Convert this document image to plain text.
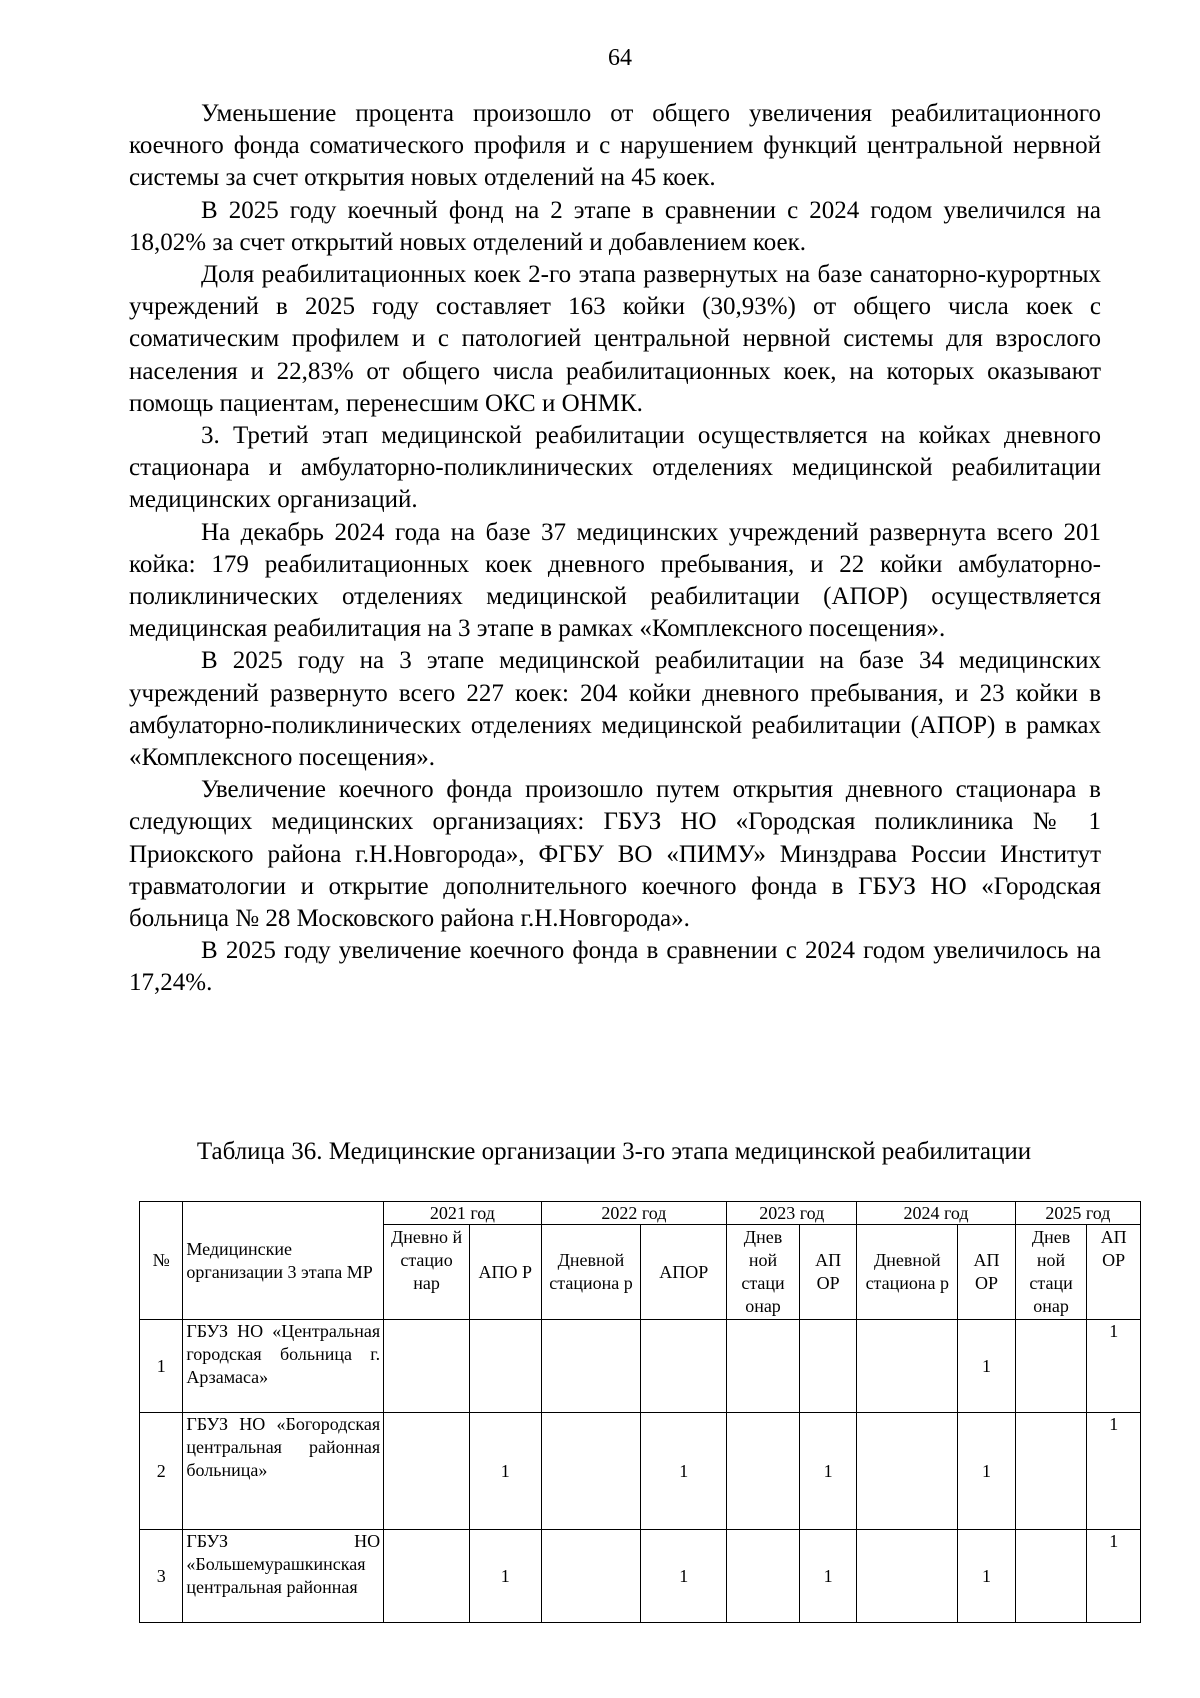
64

Уменьшение процента произошло от общего увеличения реабилитационного коечного фонда соматического профиля и с нарушением функций центральной нервной системы за счет открытия новых отделений на 45 коек.

В 2025 году коечный фонд на 2 этапе в сравнении с 2024 годом увеличился на 18,02% за счет открытий новых отделений и добавлением коек.

Доля реабилитационных коек 2-го этапа развернутых на базе санаторно-курортных учреждений в 2025 году составляет 163 койки (30,93%) от общего числа коек с соматическим профилем и с патологией центральной нервной системы для взрослого населения и 22,83% от общего числа реабилитационных коек, на которых оказывают помощь пациентам, перенесшим ОКС и ОНМК.

3. Третий этап медицинской реабилитации осуществляется на койках дневного стационара и амбулаторно-поликлинических отделениях медицинской реабилитации медицинских организаций.

На декабрь 2024 года на базе 37 медицинских учреждений развернута всего 201 койка: 179 реабилитационных коек дневного пребывания, и 22 койки амбулаторно-поликлинических отделениях медицинской реабилитации (АПОР) осуществляется медицинская реабилитация на 3 этапе в рамках «Комплексного посещения».

В 2025 году на 3 этапе медицинской реабилитации на базе 34 медицинских учреждений развернуто всего 227 коек: 204 койки дневного пребывания, и 23 койки в амбулаторно-поликлинических отделениях медицинской реабилитации (АПОР) в рамках «Комплексного посещения».

Увеличение коечного фонда произошло путем открытия дневного стационара в следующих медицинских организациях: ГБУЗ НО «Городская поликлиника № 1 Приокского района г.Н.Новгорода», ФГБУ ВО «ПИМУ» Минздрава России Институт травматологии и открытие дополнительного коечного фонда в ГБУЗ НО «Городская больница № 28 Московского района г.Н.Новгорода».

В 2025 году увеличение коечного фонда в сравнении с 2024 годом увеличилось на 17,24%.

Таблица 36. Медицинские организации 3-го этапа медицинской реабилитации
№	Медицинские организации 3 этапа МР	2021 год		2022 год		2023 год		2024 год		2025 год	
		Дневно й стацио нар	АПО Р	Дневной стациона р	АПОР	Днев ной стаци онар	АП ОР	Дневной стациона р	АП ОР	Днев ной стаци онар	АП ОР
1	ГБУЗ НО «Центральная городская больница г. Арзамаса»								1		1
2	ГБУЗ НО «Богородская центральная районная больница»		1		1		1		1		1
3	ГБУЗ НО «Большемурашкинская центральная районная		1		1		1		1		1
